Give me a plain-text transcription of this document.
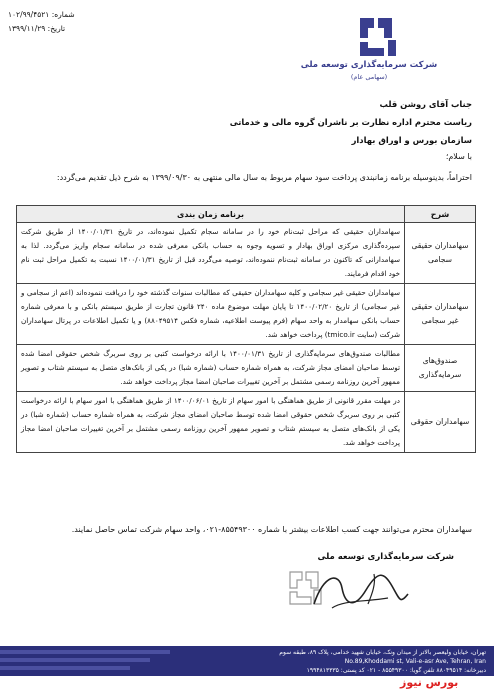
شماره: ۱۰۲/۹۹/۴۵۲۱
تاریخ: ۱۳۹۹/۱۱/۲۹
شرکت سرمایه‌گذاری توسعه ملی
(سهامی عام)
جناب آقای روشن قلب
ریاست محترم اداره نظارت بر ناشران گروه مالی و خدماتی
سازمان بورس و اوراق بهادار
با سلام؛
احتراماً، بدینوسیله برنامه زمانبندی پرداخت سود سهام مربوط به سال مالی منتهی به ۱۳۹۹/۰۹/۳۰ به شرح ذیل تقدیم می‌گردد:
شرح	برنامه زمان بندی
سهامداران حقیقی سجامی	سهامداران حقیقی که مراحل ثبت‌نام خود را در سامانه سجام تکمیل نموده‌اند، در تاریخ ۱۴۰۰/۰۱/۳۱ از طریق شرکت سپرده‌گذاری مرکزی اوراق بهادار و تسویه وجوه به حساب بانکی معرفی شده در سامانه سجام واریز می‌گردد. لذا به سهامدارانی که تاکنون در سامانه ثبت‌نام ننموده‌اند، توصیه می‌گردد قبل از تاریخ ۱۴۰۰/۰۱/۳۱ نسبت به تکمیل مراحل ثبت نام خود اقدام فرمایند.
سهامداران حقیقی غیر سجامی	سهامداران حقیقی غیر سجامی و کلیه سهامداران حقیقی که مطالبات سنوات گذشته خود را دریافت ننموده‌اند (اعم از سجامی و غیر سجامی) از تاریخ ۱۴۰۰/۰۲/۲۰ تا پایان مهلت موضوع ماده ۲۴۰ قانون تجارت از طریق سیستم بانکی و با معرفی شماره حساب بانکی سهامدار به واحد سهام (فرم پیوست اطلاعیه، شماره فکس ۸۸۰۴۹۵۱۴) و یا تکمیل اطلاعات در پرتال سهامداران شرکت (سایت tmico.ir) پرداخت خواهد شد.
صندوق‌های سرمایه‌گذاری	مطالبات صندوق‌های سرمایه‌گذاری از تاریخ ۱۴۰۰/۰۱/۳۱ با ارائه درخواست کتبی بر روی سربرگ شخص حقوقی امضا شده توسط صاحبان امضای مجاز شرکت، به همراه شماره حساب (شماره شبا) در یکی از بانک‌های متصل به سیستم شتاب و تصویر ممهور آخرین روزنامه رسمی مشتمل بر آخرین تغییرات صاحبان امضا مجاز پرداخت خواهد شد.
سهامداران حقوقی	در مهلت مقرر قانونی از طریق هماهنگی با امور سهام از تاریخ ۱۴۰۰/۰۶/۰۱ از طریق هماهنگی با امور سهام با ارائه درخواست کتبی بر روی سربرگ شخص حقوقی امضا شده توسط صاحبان امضای مجاز شرکت، به همراه شماره حساب (شماره شبا) در یکی از بانک‌های متصل به سیستم شتاب و تصویر ممهور آخرین روزنامه رسمی مشتمل بر آخرین تغییرات صاحبان امضا مجاز پرداخت خواهد شد.
سهامداران محترم می‌توانند جهت کسب اطلاعات بیشتر با شماره ۸۵۵۴۹۳۰۰-۰۲۱، واحد سهام شرکت تماس حاصل نمایند.
شرکت سرمایه‌گذاری توسعه ملی
تهران، خیابان ولیعصر بالاتر از میدان ونک، خیابان شهید خدامی، پلاک ۸۹، طبقه سوم
No.89,Khoddami st, Vali-e-asr Ave, Tehran, Iran
دبیرخانه: ۸۸۰۴۹۵۱۴ تلفن گویا: ۸۵۵۴۹۳۰۰ - ۰۲۱ کد پستی: ۱۹۹۴۸۱۳۳۳۵
بورس نیوز
